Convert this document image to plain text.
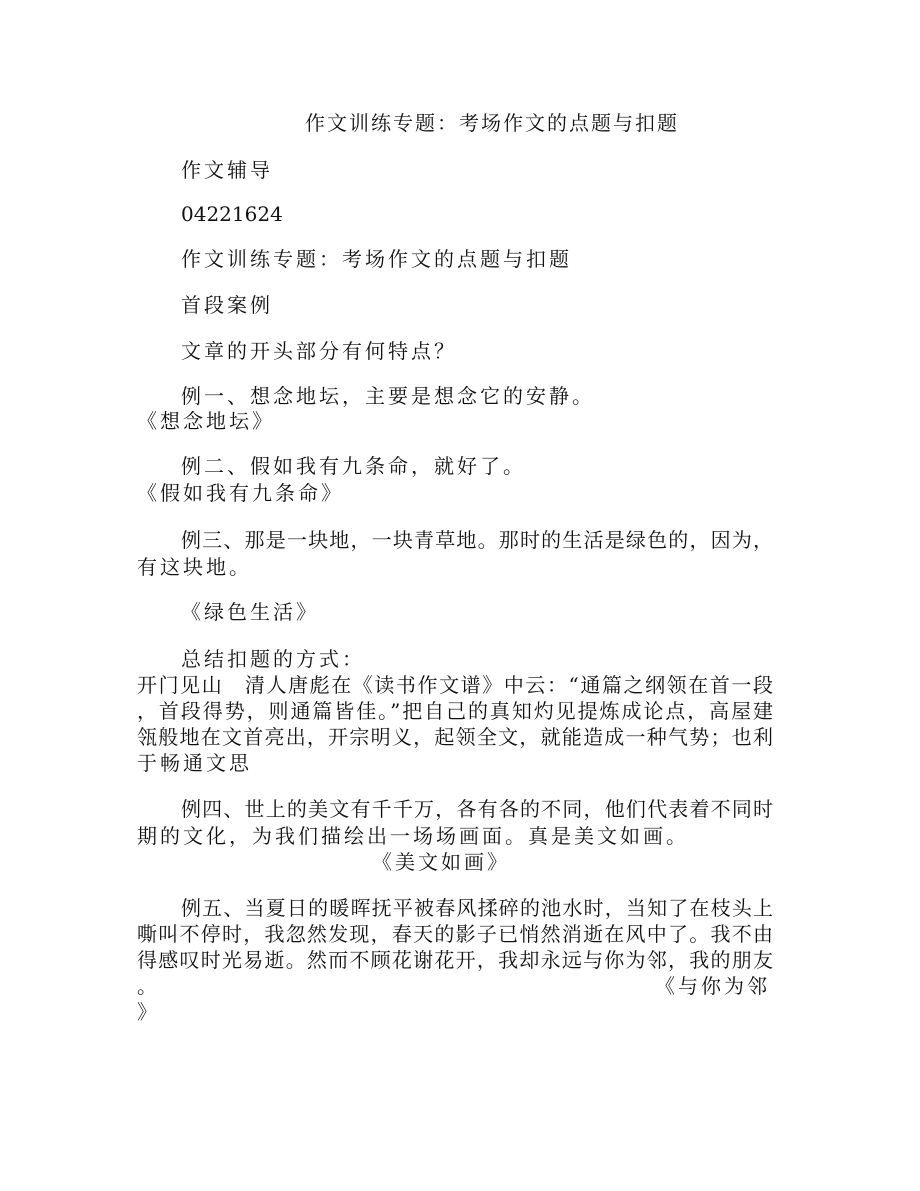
作文训练专题：考场作文的点题与扣题
作文辅导
04221624
作文训练专题：考场作文的点题与扣题
首段案例
文章的开头部分有何特点？
例一、想念地坛，主要是想念它的安静。
《想念地坛》
例二、假如我有九条命，就好了。
《假如我有九条命》
例三、那是一块地，一块青草地。那时的生活是绿色的，因为，
有这块地。
《绿色生活》
总结扣题的方式：
开门见山　清人唐彪在《读书作文谱》中云：“通篇之纲领在首一段
，首段得势，则通篇皆佳。”把自己的真知灼见提炼成论点，高屋建
瓴般地在文首亮出，开宗明义，起领全文，就能造成一种气势；也利
于畅通文思
例四、世上的美文有千千万，各有各的不同，他们代表着不同时
期的文化，为我们描绘出一场场画面。真是美文如画。
《美文如画》
例五、当夏日的暖晖抚平被春风揉碎的池水时，当知了在枝头上
嘶叫不停时，我忽然发现，春天的影子已悄然消逝在风中了。我不由
得感叹时光易逝。然而不顾花谢花开，我却永远与你为邻，我的朋友
。	《与你为邻
》
